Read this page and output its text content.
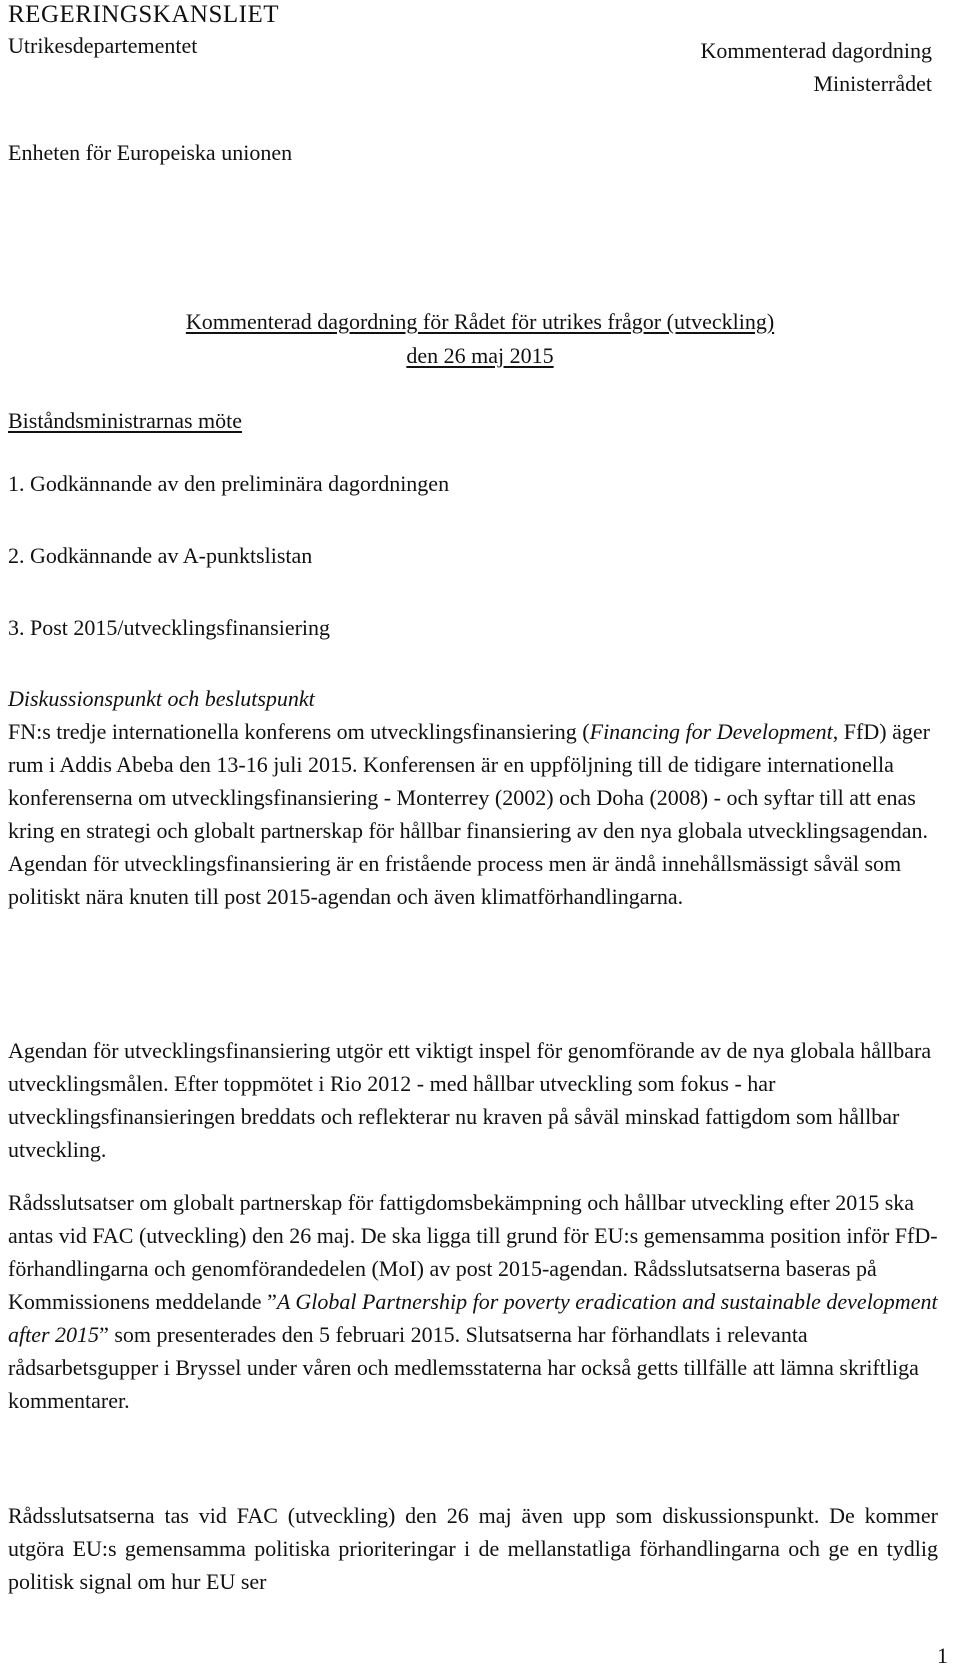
REGERINGSKANSLIET

Utrikesdepartementet	Kommenterad dagordning
Ministerrådet
Enheten för Europeiska unionen
Kommenterad dagordning för Rådet för utrikes frågor (utveckling)
den 26 maj 2015
Biståndsministrarnas möte
1. Godkännande av den preliminära dagordningen
2. Godkännande av A-punktslistan
3. Post 2015/utvecklingsfinansiering

Diskussionspunkt och beslutspunkt

FN:s tredje internationella konferens om utvecklingsfinansiering (Financing for Development, FfD) äger rum i Addis Abeba den 13-16 juli 2015. Konferensen är en uppföljning till de tidigare internationella konferenserna om utvecklingsfinansiering - Monterrey (2002) och Doha (2008) - och syftar till att enas kring en strategi och globalt partnerskap för hållbar finansiering av den nya globala utvecklingsagendan. Agendan för utvecklingsfinansiering är en fristående process men är ändå innehållsmässigt såväl som politiskt nära knuten till post 2015-agendan och även klimatförhandlingarna.

Agendan för utvecklingsfinansiering utgör ett viktigt inspel för genomförande av de nya globala hållbara utvecklingsmålen. Efter toppmötet i Rio 2012 - med hållbar utveckling som fokus - har utvecklingsfinansieringen breddats och reflekterar nu kraven på såväl minskad fattigdom som hållbar utveckling.

Rådsslutsatser om globalt partnerskap för fattigdomsbekämpning och hållbar utveckling efter 2015 ska antas vid FAC (utveckling) den 26 maj. De ska ligga till grund för EU:s gemensamma position inför FfD-förhandlingarna och genomförandedelen (MoI) av post 2015-agendan. Rådsslutsatserna baseras på Kommissionens meddelande ”A Global Partnership for poverty eradication and sustainable development after 2015” som presenterades den 5 februari 2015. Slutsatserna har förhandlats i relevanta rådsarbetsgupper i Bryssel under våren och medlemsstaterna har också getts tillfälle att lämna skriftliga kommentarer.

Rådsslutsatserna tas vid FAC (utveckling) den 26 maj även upp som diskussionspunkt. De kommer utgöra EU:s gemensamma politiska prioriteringar i de mellanstatliga förhandlingarna och ge en tydlig politisk signal om hur EU ser

1
